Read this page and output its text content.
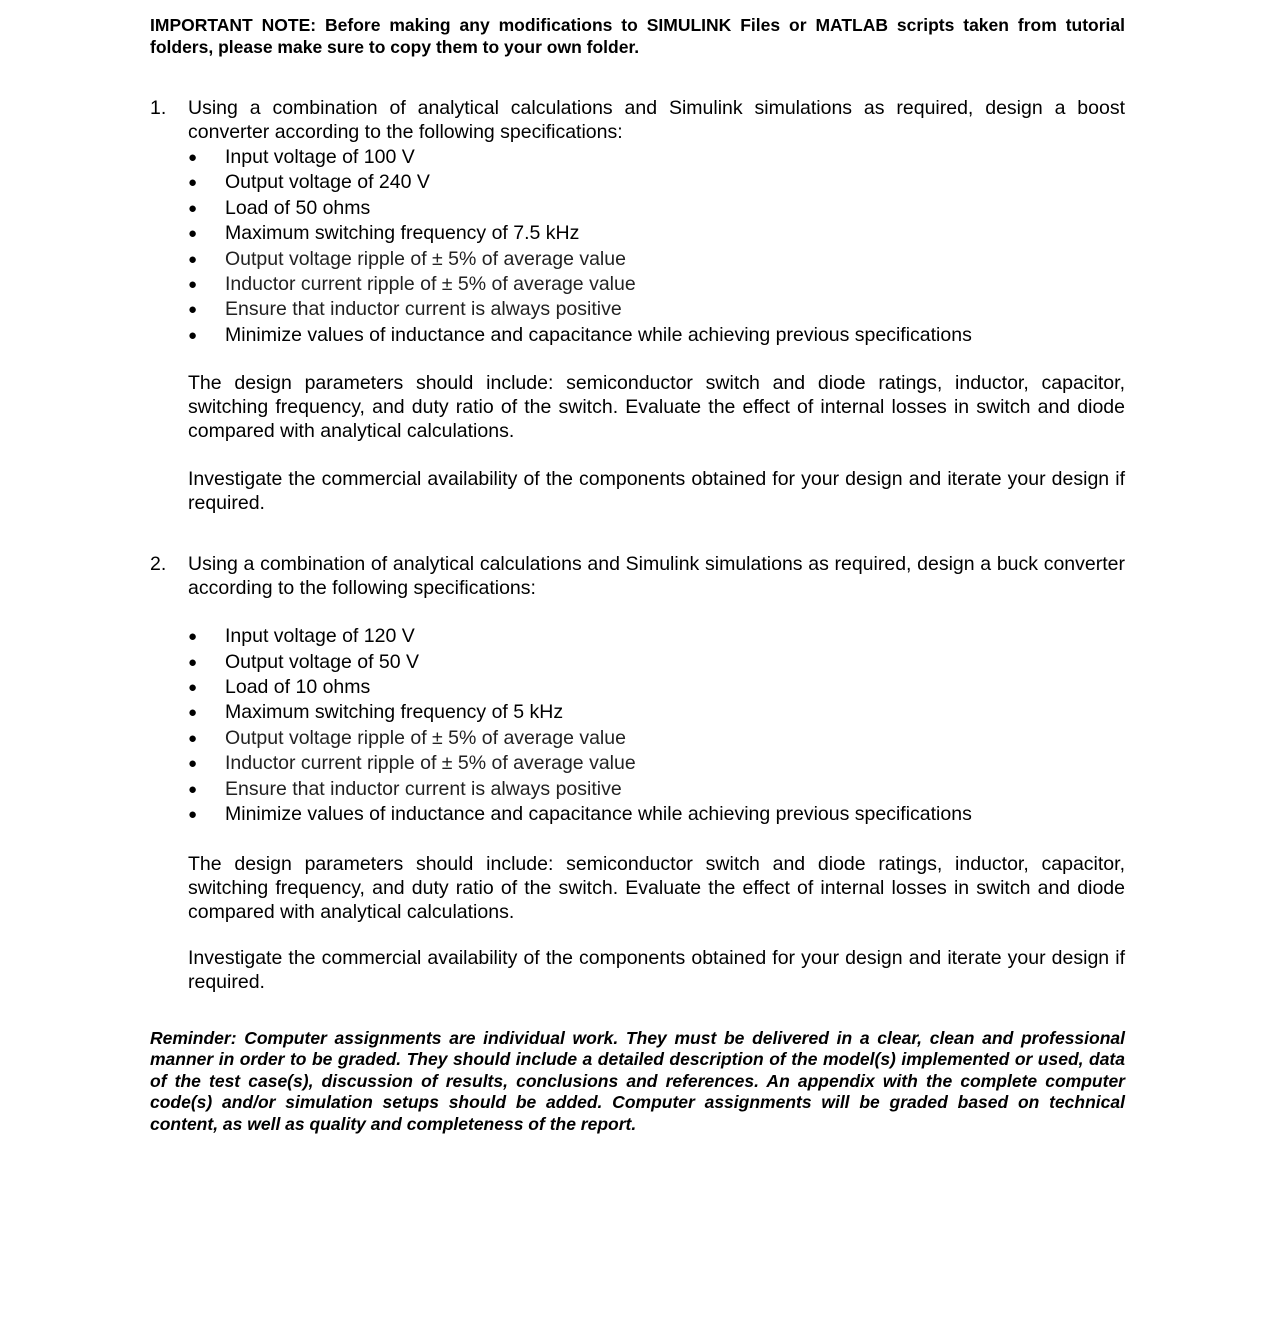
IMPORTANT NOTE: Before making any modifications to SIMULINK Files or MATLAB scripts taken from tutorial folders, please make sure to copy them to your own folder.

1. Using a combination of analytical calculations and Simulink simulations as required, design a boost converter according to the following specifications:

● Input voltage of 100 V
● Output voltage of 240 V
● Load of 50 ohms
● Maximum switching frequency of 7.5 kHz
● Output voltage ripple of ± 5% of average value
● Inductor current ripple of ± 5% of average value
● Ensure that inductor current is always positive
● Minimize values of inductance and capacitance while achieving previous specifications

The design parameters should include: semiconductor switch and diode ratings, inductor, capacitor, switching frequency, and duty ratio of the switch. Evaluate the effect of internal losses in switch and diode compared with analytical calculations.

Investigate the commercial availability of the components obtained for your design and iterate your design if required.

2. Using a combination of analytical calculations and Simulink simulations as required, design a buck converter according to the following specifications:

● Input voltage of 120 V
● Output voltage of 50 V
● Load of 10 ohms
● Maximum switching frequency of 5 kHz
● Output voltage ripple of ± 5% of average value
● Inductor current ripple of ± 5% of average value
● Ensure that inductor current is always positive
● Minimize values of inductance and capacitance while achieving previous specifications

The design parameters should include: semiconductor switch and diode ratings, inductor, capacitor, switching frequency, and duty ratio of the switch. Evaluate the effect of internal losses in switch and diode compared with analytical calculations.

Investigate the commercial availability of the components obtained for your design and iterate your design if required.

Reminder: Computer assignments are individual work. They must be delivered in a clear, clean and professional manner in order to be graded. They should include a detailed description of the model(s) implemented or used, data of the test case(s), discussion of results, conclusions and references. An appendix with the complete computer code(s) and/or simulation setups should be added. Computer assignments will be graded based on technical content, as well as quality and completeness of the report.
